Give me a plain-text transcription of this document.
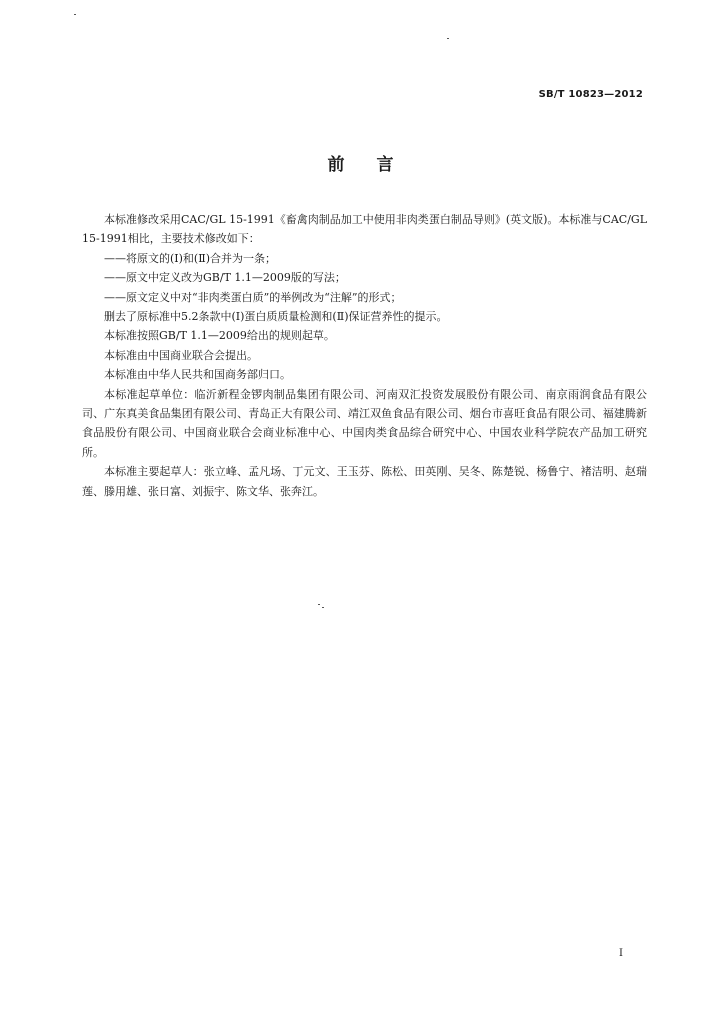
SB/T 10823—2012
前言

本标准修改采用CAC/GL 15-1991《畜禽肉制品加工中使用非肉类蛋白制品导则》(英文版)。本标准与CAC/GL 15-1991相比，主要技术修改如下：

——将原文的(Ⅰ)和(Ⅱ)合并为一条；

——原文中定义改为GB/T 1.1—2009版的写法；

——原文定义中对“非肉类蛋白质”的举例改为“注解”的形式；

删去了原标准中5.2条款中(Ⅰ)蛋白质质量检测和(Ⅱ)保证营养性的提示。

本标准按照GB/T 1.1—2009给出的规则起草。

本标准由中国商业联合会提出。

本标准由中华人民共和国商务部归口。

本标准起草单位：临沂新程金锣肉制品集团有限公司、河南双汇投资发展股份有限公司、南京雨润食品有限公司、广东真美食品集团有限公司、青岛正大有限公司、靖江双鱼食品有限公司、烟台市喜旺食品有限公司、福建腾新食品股份有限公司、中国商业联合会商业标准中心、中国肉类食品综合研究中心、中国农业科学院农产品加工研究所。

本标准主要起草人：张立峰、孟凡场、丁元文、王玉芬、陈松、田英刚、吴冬、陈楚锐、杨鲁宁、褚洁明、赵瑞莲、滕用雄、张日富、刘振宇、陈文华、张奔江。

I
